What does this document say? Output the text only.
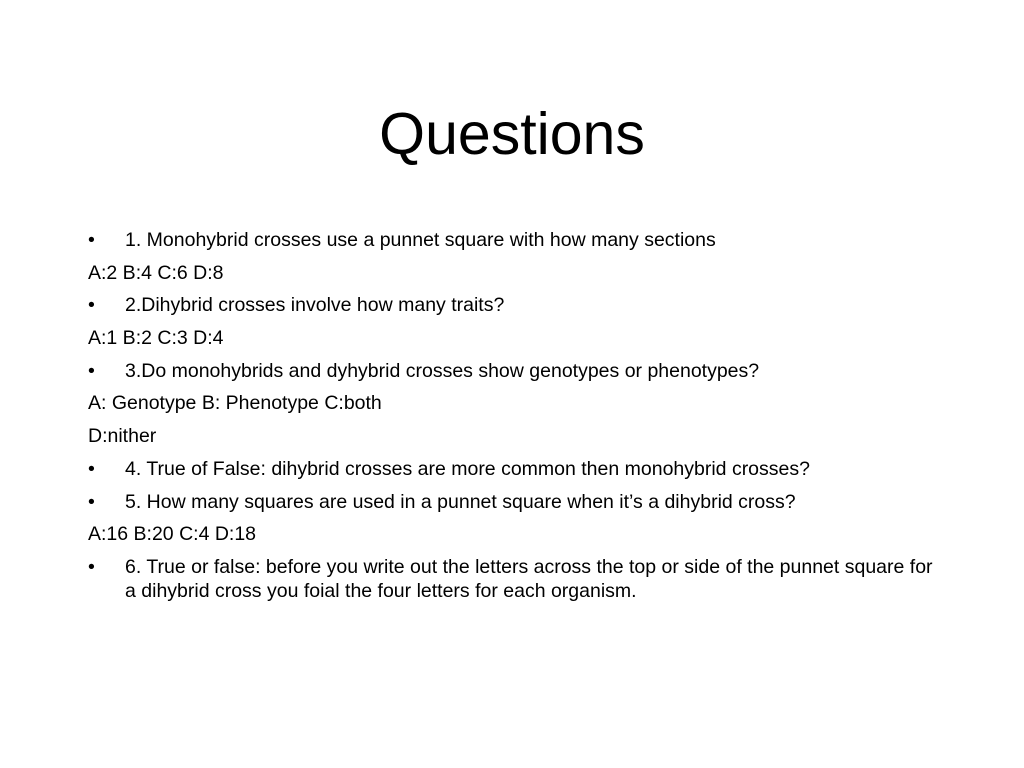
Questions
•	1. Monohybrid crosses use a punnet square with how many sections
A:2 B:4 C:6 D:8
•	2.Dihybrid crosses involve how many traits?
A:1 B:2 C:3 D:4
•	3.Do monohybrids and dyhybrid crosses show genotypes or phenotypes?
A: Genotype B: Phenotype C:both
D:nither
•	4. True of False: dihybrid crosses are more common then monohybrid crosses?
•	5. How many squares are used in a punnet square when it’s a dihybrid cross?
A:16 B:20 C:4 D:18
•	6. True or false: before you write out the letters across the top or side of the punnet square for a dihybrid cross you foial the four letters for each organism.
